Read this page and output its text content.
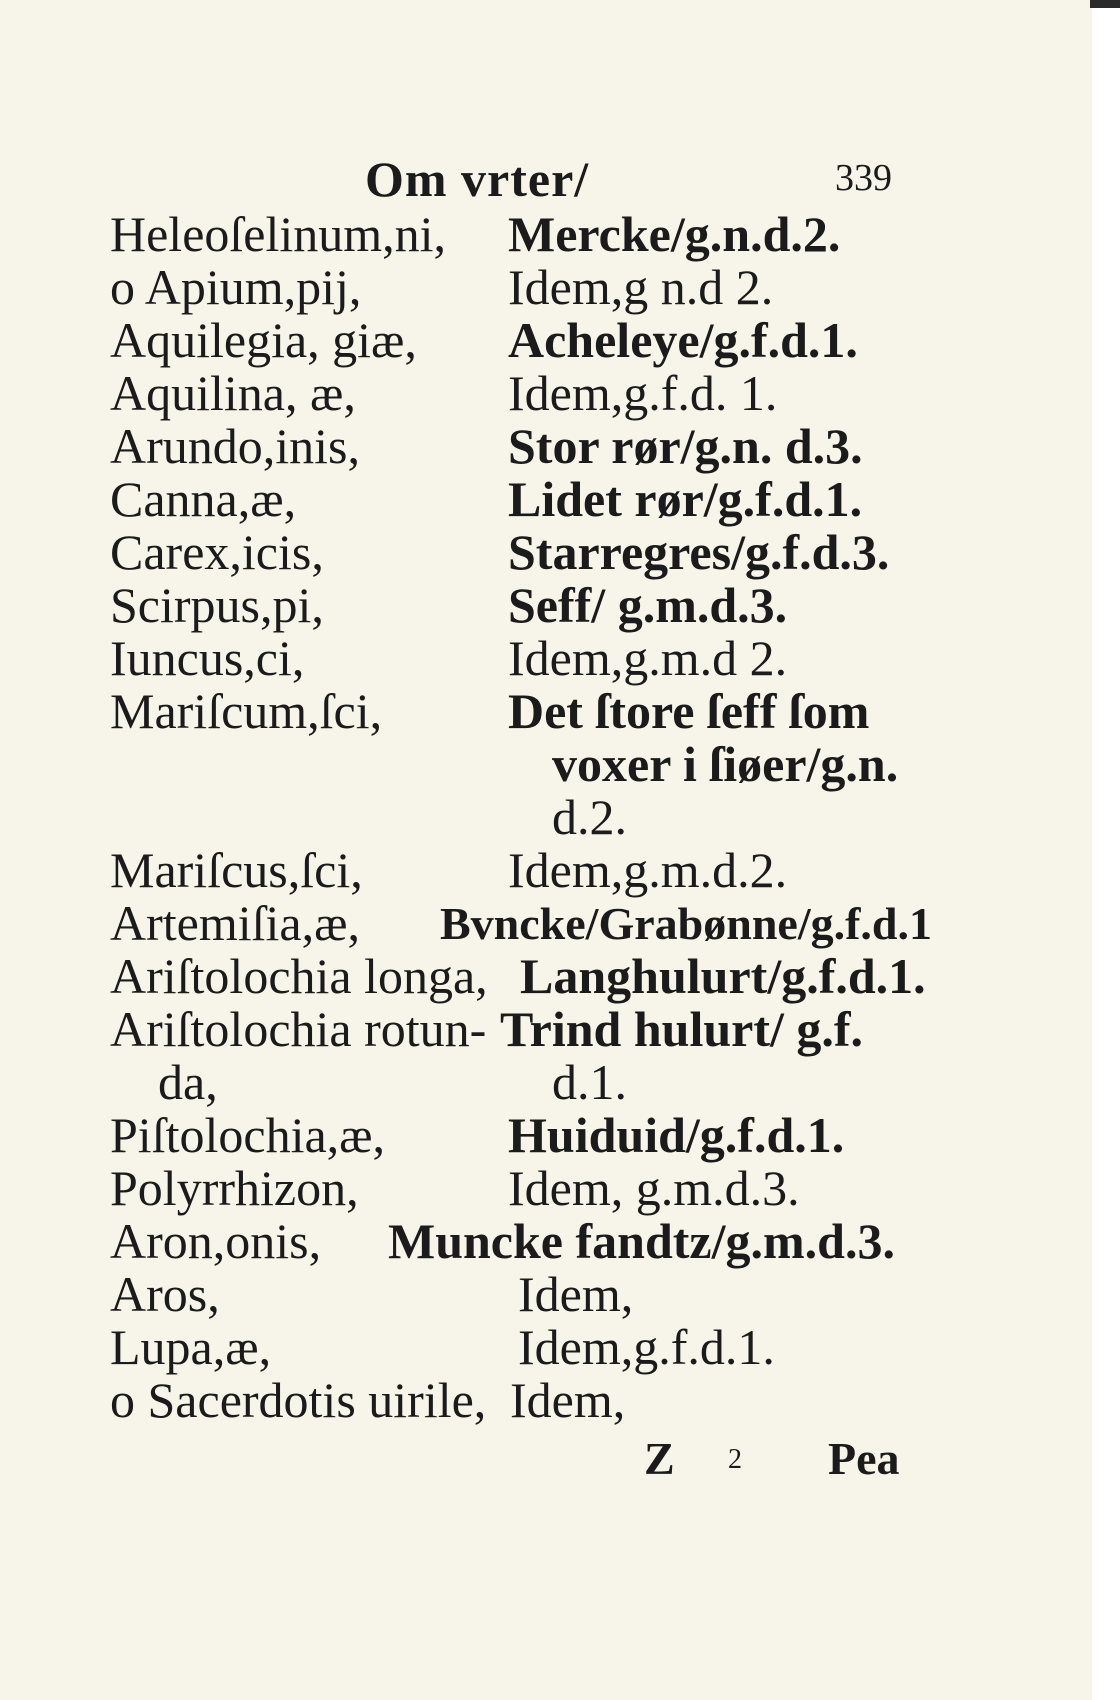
Om vrter/	339
Heleoſelinum,ni, Mercke/g.n.d.2.
o Apium,pij,	Idem,g n.d 2.
Aquilegia, giæ, Acheleye/g.f.d.1.
Aquilina, æ,	Idem,g.f.d. 1.
Arundo,inis,	Stor rør/g.n. d.3.
Canna,æ,	Lidet rør/g.f.d.1.
Carex,icis,	Starregres/g.f.d.3.
Scirpus,pi,	Seff/ g.m.d.3.
Iuncus,ci,	Idem,g.m.d 2.
Mariſcum,ſci,	Det ſtore ſeff ſom
voxer i ſiøer/g.n.
d.2.
Mariſcus,ſci,	Idem,g.m.d.2.
Artemiſia,æ, Bvncke/Grabønne/g.f.d.1
Ariſtolochia longa, Langhulurt/g.f.d.1.
Ariſtolochia rotun- Trind hulurt/ g.f.
da,	d.1.
Piſtolochia,æ, Huiduid/g.f.d.1.
Polyrrhizon,	Idem, g.m.d.3.
Aron,onis, Muncke fandtz/g.m.d.3.
Aros,	Idem,
Lupa,æ,	Idem,g.f.d.1.
o Sacerdotis uirile, Idem,
Z 2 Pea
